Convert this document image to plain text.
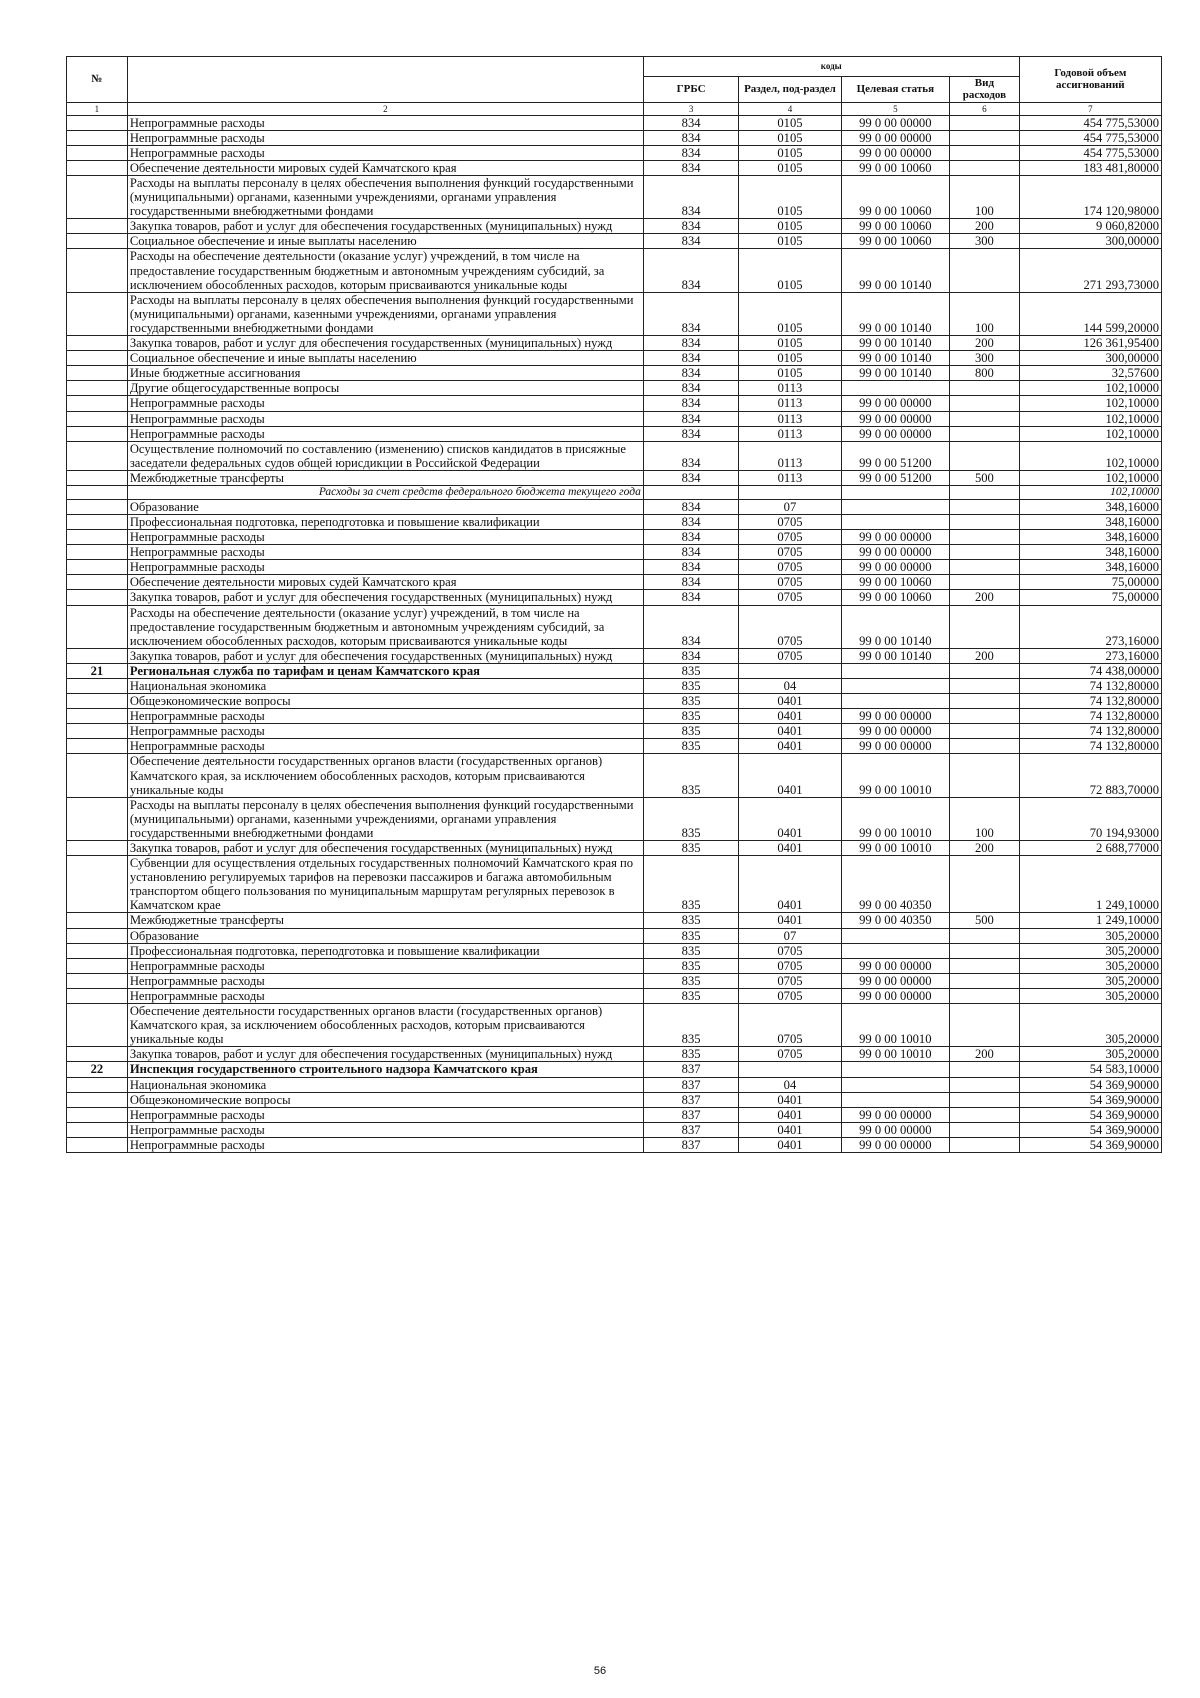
№		коды				Годовой объем ассигнований
		ГРБС	Раздел, под-раздел	Целевая статья	Вид расходов	
1	2	3	4	5	6	7
	Непрограммные расходы	834	0105	99 0 00 00000		454 775,53000
	Непрограммные расходы	834	0105	99 0 00 00000		454 775,53000
	Непрограммные расходы	834	0105	99 0 00 00000		454 775,53000
	Обеспечение деятельности мировых судей Камчатского края	834	0105	99 0 00 10060		183 481,80000
	Расходы на выплаты персоналу в целях обеспечения выполнения функций государственными (муниципальными) органами, казенными учреждениями, органами управления государственными внебюджетными фондами	834	0105	99 0 00 10060	100	174 120,98000
	Закупка товаров, работ и услуг для обеспечения государственных (муниципальных) нужд	834	0105	99 0 00 10060	200	9 060,82000
	Социальное обеспечение и иные выплаты населению	834	0105	99 0 00 10060	300	300,00000
	Расходы на обеспечение деятельности (оказание услуг) учреждений, в том числе на предоставление государственным бюджетным и автономным учреждениям субсидий, за исключением обособленных расходов, которым присваиваются уникальные коды	834	0105	99 0 00 10140		271 293,73000
	Расходы на выплаты персоналу в целях обеспечения выполнения функций государственными (муниципальными) органами, казенными учреждениями, органами управления государственными внебюджетными фондами	834	0105	99 0 00 10140	100	144 599,20000
	Закупка товаров, работ и услуг для обеспечения государственных (муниципальных) нужд	834	0105	99 0 00 10140	200	126 361,95400
	Социальное обеспечение и иные выплаты населению	834	0105	99 0 00 10140	300	300,00000
	Иные бюджетные ассигнования	834	0105	99 0 00 10140	800	32,57600
	Другие общегосударственные вопросы	834	0113			102,10000
	Непрограммные расходы	834	0113	99 0 00 00000		102,10000
	Непрограммные расходы	834	0113	99 0 00 00000		102,10000
	Непрограммные расходы	834	0113	99 0 00 00000		102,10000
	Осуществление полномочий по составлению (изменению) списков кандидатов в присяжные заседатели федеральных судов общей юрисдикции в Российской Федерации	834	0113	99 0 00 51200		102,10000
	Межбюджетные трансферты	834	0113	99 0 00 51200	500	102,10000
	Расходы за счет средств федерального бюджета текущего года					102,10000
	Образование	834	07			348,16000
	Профессиональная подготовка, переподготовка и повышение квалификации	834	0705			348,16000
	Непрограммные расходы	834	0705	99 0 00 00000		348,16000
	Непрограммные расходы	834	0705	99 0 00 00000		348,16000
	Непрограммные расходы	834	0705	99 0 00 00000		348,16000
	Обеспечение деятельности мировых судей Камчатского края	834	0705	99 0 00 10060		75,00000
	Закупка товаров, работ и услуг для обеспечения государственных (муниципальных) нужд	834	0705	99 0 00 10060	200	75,00000
	Расходы на обеспечение деятельности (оказание услуг) учреждений, в том числе на предоставление государственным бюджетным и автономным учреждениям субсидий, за исключением обособленных расходов, которым присваиваются уникальные коды	834	0705	99 0 00 10140		273,16000
	Закупка товаров, работ и услуг для обеспечения государственных (муниципальных) нужд	834	0705	99 0 00 10140	200	273,16000
21	Региональная служба по тарифам и ценам Камчатского края	835				74 438,00000
	Национальная экономика	835	04			74 132,80000
	Общеэкономические вопросы	835	0401			74 132,80000
	Непрограммные расходы	835	0401	99 0 00 00000		74 132,80000
	Непрограммные расходы	835	0401	99 0 00 00000		74 132,80000
	Непрограммные расходы	835	0401	99 0 00 00000		74 132,80000
	Обеспечение деятельности государственных органов власти (государственных органов) Камчатского края, за исключением обособленных расходов, которым присваиваются уникальные коды	835	0401	99 0 00 10010		72 883,70000
	Расходы на выплаты персоналу в целях обеспечения выполнения функций государственными (муниципальными) органами, казенными учреждениями, органами управления государственными внебюджетными фондами	835	0401	99 0 00 10010	100	70 194,93000
	Закупка товаров, работ и услуг для обеспечения государственных (муниципальных) нужд	835	0401	99 0 00 10010	200	2 688,77000
	Субвенции для осуществления отдельных государственных полномочий Камчатского края по установлению регулируемых тарифов на перевозки пассажиров и багажа автомобильным транспортом общего пользования по муниципальным маршрутам регулярных перевозок в Камчатском крае	835	0401	99 0 00 40350		1 249,10000
	Межбюджетные трансферты	835	0401	99 0 00 40350	500	1 249,10000
	Образование	835	07			305,20000
	Профессиональная подготовка, переподготовка и повышение квалификации	835	0705			305,20000
	Непрограммные расходы	835	0705	99 0 00 00000		305,20000
	Непрограммные расходы	835	0705	99 0 00 00000		305,20000
	Непрограммные расходы	835	0705	99 0 00 00000		305,20000
	Обеспечение деятельности государственных органов власти (государственных органов) Камчатского края, за исключением обособленных расходов, которым присваиваются уникальные коды	835	0705	99 0 00 10010		305,20000
	Закупка товаров, работ и услуг для обеспечения государственных (муниципальных) нужд	835	0705	99 0 00 10010	200	305,20000
22	Инспекция государственного строительного надзора Камчатского края	837				54 583,10000
	Национальная экономика	837	04			54 369,90000
	Общеэкономические вопросы	837	0401			54 369,90000
	Непрограммные расходы	837	0401	99 0 00 00000		54 369,90000
	Непрограммные расходы	837	0401	99 0 00 00000		54 369,90000
	Непрограммные расходы	837	0401	99 0 00 00000		54 369,90000
56
